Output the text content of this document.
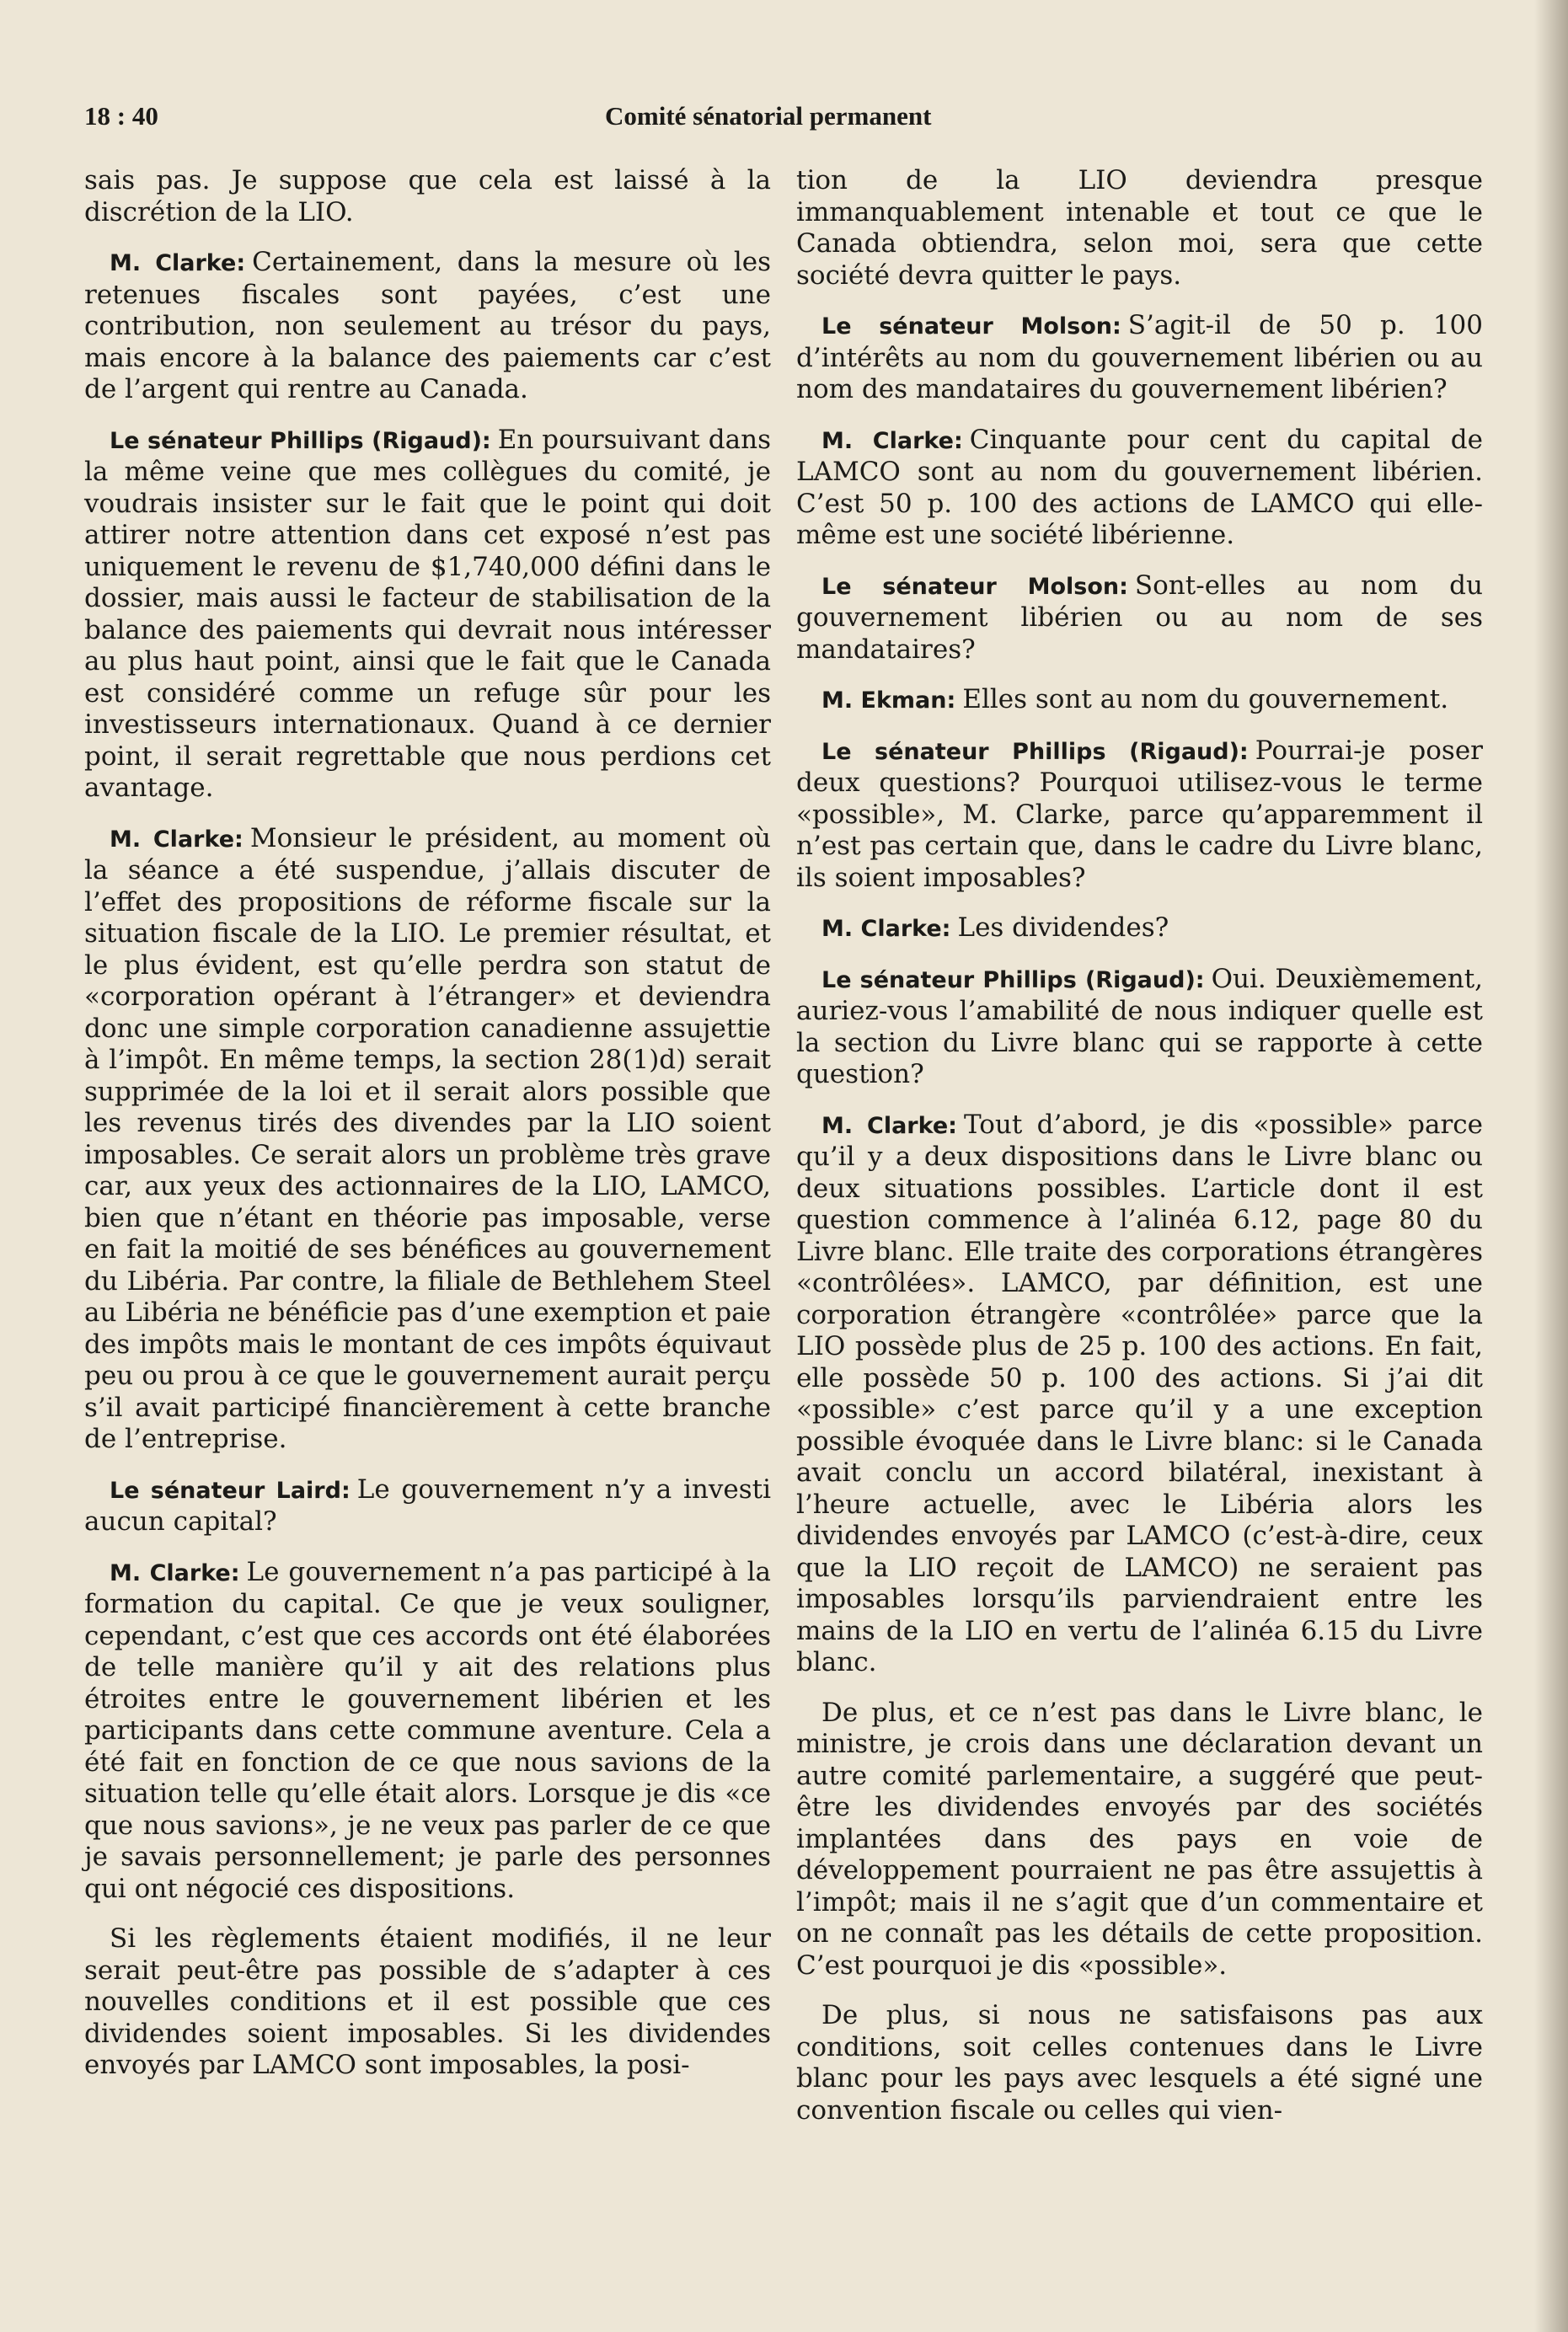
18 : 40	Comité sénatorial permanent

sais pas. Je suppose que cela est laissé à la discrétion de la LIO.

M. Clarke: Certainement, dans la mesure où les retenues fiscales sont payées, c’est une contribution, non seulement au trésor du pays, mais encore à la balance des paiements car c’est de l’argent qui rentre au Canada.

Le sénateur Phillips (Rigaud): En poursuivant dans la même veine que mes collègues du comité, je voudrais insister sur le fait que le point qui doit attirer notre attention dans cet exposé n’est pas uniquement le revenu de $1,740,000 défini dans le dossier, mais aussi le facteur de stabilisation de la balance des paiements qui devrait nous intéresser au plus haut point, ainsi que le fait que le Canada est considéré comme un refuge sûr pour les investisseurs internationaux. Quand à ce dernier point, il serait regrettable que nous perdions cet avantage.

M. Clarke: Monsieur le président, au moment où la séance a été suspendue, j’allais discuter de l’effet des propositions de réforme fiscale sur la situation fiscale de la LIO. Le premier résultat, et le plus évident, est qu’elle perdra son statut de «corporation opérant à l’étranger» et deviendra donc une simple corporation canadienne assujettie à l’impôt. En même temps, la section 28(1)d) serait supprimée de la loi et il serait alors possible que les revenus tirés des divendes par la LIO soient imposables. Ce serait alors un problème très grave car, aux yeux des actionnaires de la LIO, LAMCO, bien que n’étant en théorie pas imposable, verse en fait la moitié de ses bénéfices au gouvernement du Libéria. Par contre, la filiale de Bethlehem Steel au Libéria ne bénéficie pas d’une exemption et paie des impôts mais le montant de ces impôts équivaut peu ou prou à ce que le gouvernement aurait perçu s’il avait participé financièrement à cette branche de l’entreprise.

Le sénateur Laird: Le gouvernement n’y a investi aucun capital?

M. Clarke: Le gouvernement n’a pas participé à la formation du capital. Ce que je veux souligner, cependant, c’est que ces accords ont été élaborées de telle manière qu’il y ait des relations plus étroites entre le gouvernement libérien et les participants dans cette commune aventure. Cela a été fait en fonction de ce que nous savions de la situation telle qu’elle était alors. Lorsque je dis «ce que nous savions», je ne veux pas parler de ce que je savais personnellement; je parle des personnes qui ont négocié ces dispositions.

Si les règlements étaient modifiés, il ne leur serait peut-être pas possible de s’adapter à ces nouvelles conditions et il est possible que ces dividendes soient imposables. Si les dividendes envoyés par LAMCO sont imposables, la posi-

tion de la LIO deviendra presque immanquablement intenable et tout ce que le Canada obtiendra, selon moi, sera que cette société devra quitter le pays.

Le sénateur Molson: S’agit-il de 50 p. 100 d’intérêts au nom du gouvernement libérien ou au nom des mandataires du gouvernement libérien?

M. Clarke: Cinquante pour cent du capital de LAMCO sont au nom du gouvernement libérien. C’est 50 p. 100 des actions de LAMCO qui elle-même est une société libérienne.

Le sénateur Molson: Sont-elles au nom du gouvernement libérien ou au nom de ses mandataires?

M. Ekman: Elles sont au nom du gouvernement.

Le sénateur Phillips (Rigaud): Pourrai-je poser deux questions? Pourquoi utilisez-vous le terme «possible», M. Clarke, parce qu’apparemment il n’est pas certain que, dans le cadre du Livre blanc, ils soient imposables?

M. Clarke: Les dividendes?

Le sénateur Phillips (Rigaud): Oui. Deuxièmement, auriez-vous l’amabilité de nous indiquer quelle est la section du Livre blanc qui se rapporte à cette question?

M. Clarke: Tout d’abord, je dis «possible» parce qu’il y a deux dispositions dans le Livre blanc ou deux situations possibles. L’article dont il est question commence à l’alinéa 6.12, page 80 du Livre blanc. Elle traite des corporations étrangères «contrôlées». LAMCO, par définition, est une corporation étrangère «contrôlée» parce que la LIO possède plus de 25 p. 100 des actions. En fait, elle possède 50 p. 100 des actions. Si j’ai dit «possible» c’est parce qu’il y a une exception possible évoquée dans le Livre blanc: si le Canada avait conclu un accord bilatéral, inexistant à l’heure actuelle, avec le Libéria alors les dividendes envoyés par LAMCO (c’est-à-dire, ceux que la LIO reçoit de LAMCO) ne seraient pas imposables lorsqu’ils parviendraient entre les mains de la LIO en vertu de l’alinéa 6.15 du Livre blanc.

De plus, et ce n’est pas dans le Livre blanc, le ministre, je crois dans une déclaration devant un autre comité parlementaire, a suggéré que peut-être les dividendes envoyés par des sociétés implantées dans des pays en voie de développement pourraient ne pas être assujettis à l’impôt; mais il ne s’agit que d’un commentaire et on ne connaît pas les détails de cette proposition. C’est pourquoi je dis «possible».

De plus, si nous ne satisfaisons pas aux conditions, soit celles contenues dans le Livre blanc pour les pays avec lesquels a été signé une convention fiscale ou celles qui vien-
